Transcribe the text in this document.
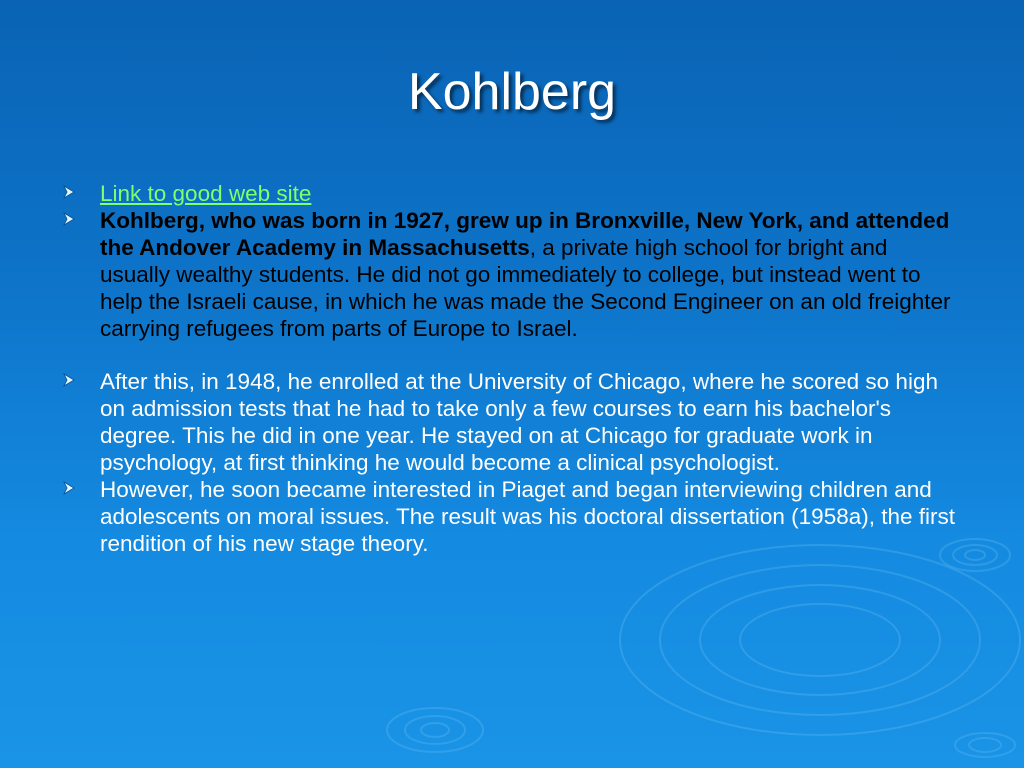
Kohlberg
Link to good web site
Kohlberg, who was born in 1927, grew up in Bronxville, New York, and attended the Andover Academy in Massachusetts, a private high school for bright and usually wealthy students. He did not go immediately to college, but instead went to help the Israeli cause, in which he was made the Second Engineer on an old freighter carrying refugees from parts of Europe to Israel.
After this, in 1948, he enrolled at the University of Chicago, where he scored so high on admission tests that he had to take only a few courses to earn his bachelor's degree. This he did in one year. He stayed on at Chicago for graduate work in psychology, at first thinking he would become a clinical psychologist.
However, he soon became interested in Piaget and began interviewing children and adolescents on moral issues. The result was his doctoral dissertation (1958a), the first rendition of his new stage theory.
